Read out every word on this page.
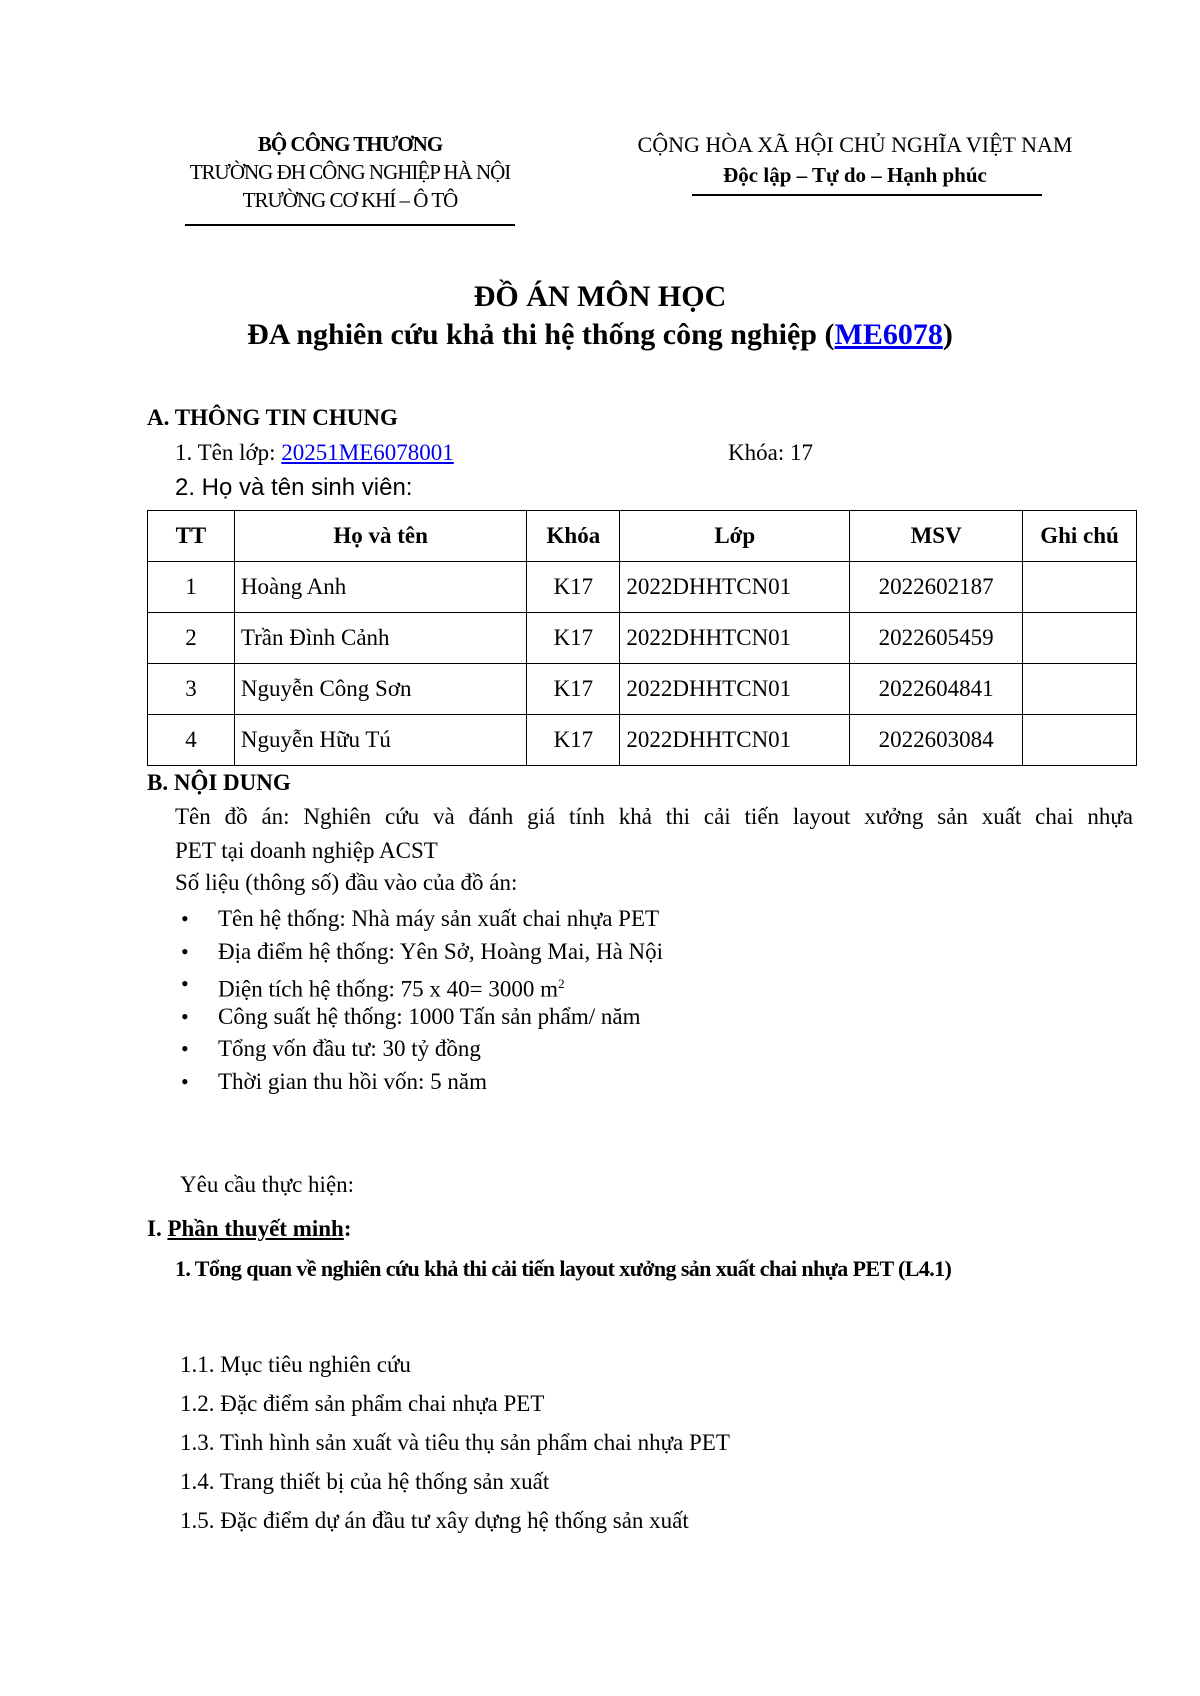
BỘ CÔNG THƯƠNG
TRƯỜNG ĐH CÔNG NGHIỆP HÀ NỘI
TRƯỜNG CƠ KHÍ – Ô TÔ
CỘNG HÒA XÃ HỘI CHỦ NGHĨA VIỆT NAM
Độc lập – Tự do – Hạnh phúc
ĐỒ ÁN MÔN HỌC
ĐA nghiên cứu khả thi hệ thống công nghiệp (ME6078)
A. THÔNG TIN CHUNG
1. Tên lớp: 20251ME6078001	Khóa: 17
2. Họ và tên sinh viên:
TT	Họ và tên	Khóa	Lớp	MSV	Ghi chú
1	Hoàng Anh	K17	2022DHHTCN01	2022602187	
2	Trần Đình Cảnh	K17	2022DHHTCN01	2022605459	
3	Nguyễn Công Sơn	K17	2022DHHTCN01	2022604841	
4	Nguyễn Hữu Tú	K17	2022DHHTCN01	2022603084	
B. NỘI DUNG
Tên đồ án: Nghiên cứu và đánh giá tính khả thi cải tiến layout xưởng sản xuất chai nhựa
PET tại doanh nghiệp ACST
Số liệu (thông số) đầu vào của đồ án:
• Tên hệ thống: Nhà máy sản xuất chai nhựa PET
• Địa điểm hệ thống: Yên Sở, Hoàng Mai, Hà Nội
• Diện tích hệ thống: 75 x 40= 3000 $m^2$
• Công suất hệ thống: 1000 Tấn sản phẩm/ năm
• Tổng vốn đầu tư: 30 tỷ đồng
• Thời gian thu hồi vốn: 5 năm
Yêu cầu thực hiện:
I. Phần thuyết minh:
1. Tổng quan về nghiên cứu khả thi cải tiến layout xưởng sản xuất chai nhựa PET (L4.1)
1.1. Mục tiêu nghiên cứu
1.2. Đặc điểm sản phẩm chai nhựa PET
1.3. Tình hình sản xuất và tiêu thụ sản phẩm chai nhựa PET
1.4. Trang thiết bị của hệ thống sản xuất
1.5. Đặc điểm dự án đầu tư xây dựng hệ thống sản xuất
